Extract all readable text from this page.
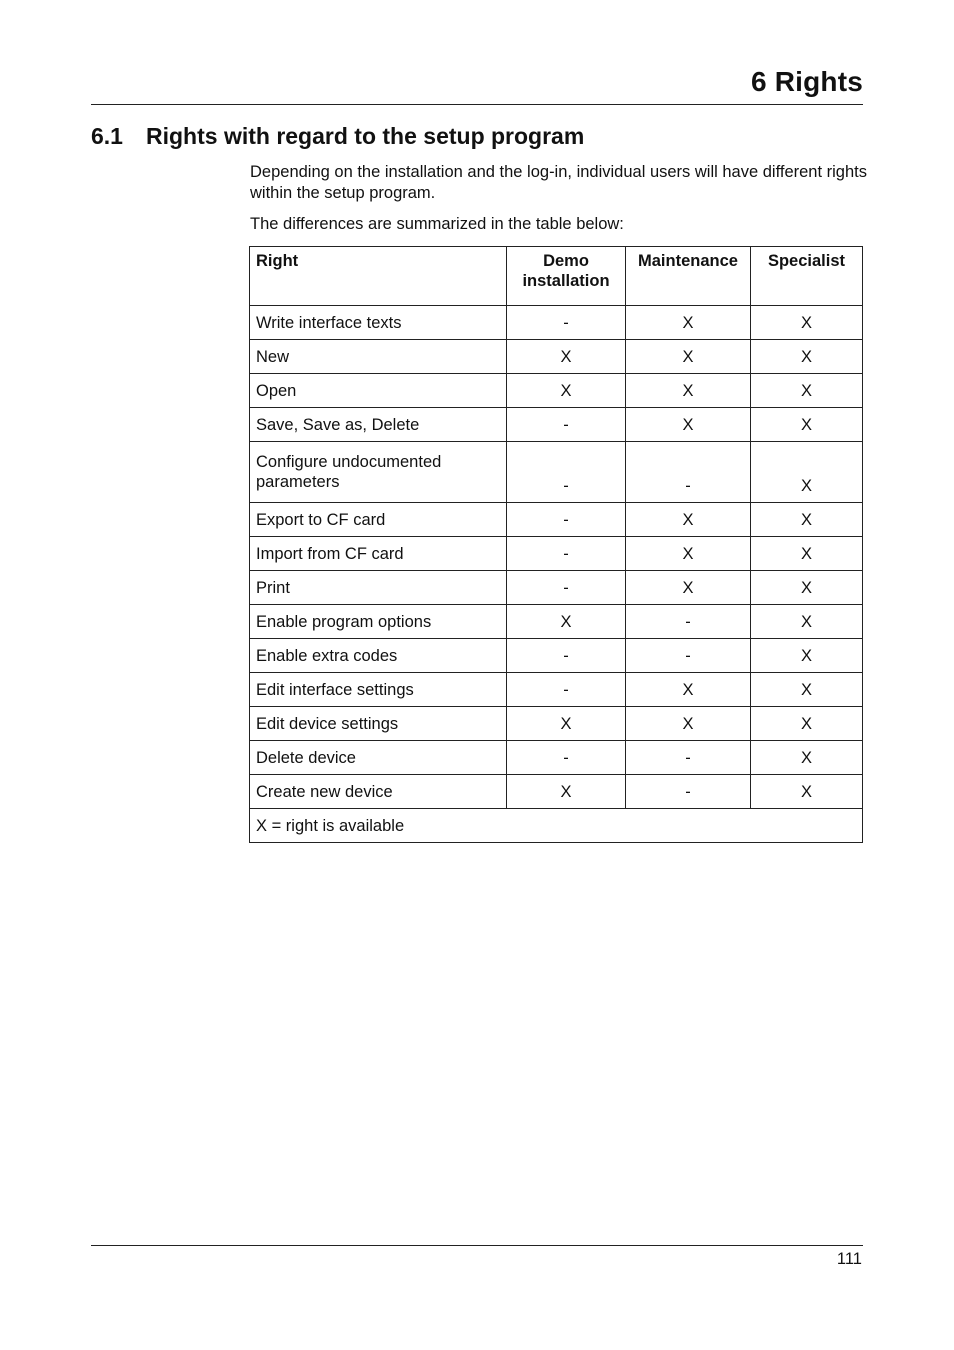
6 Rights
6.1 Rights with regard to the setup program
Depending on the installation and the log-in, individual users will have different rights within the setup program.
The differences are summarized in the table below:
Right	Demo installation	Maintenance	Specialist
Write interface texts	-	X	X
New	X	X	X
Open	X	X	X
Save, Save as, Delete	-	X	X
Configure undocumented parameters	-	-	X
Export to CF card	-	X	X
Import from CF card	-	X	X
Print	-	X	X
Enable program options	X	-	X
Enable extra codes	-	-	X
Edit interface settings	-	X	X
Edit device settings	X	X	X
Delete device	-	-	X
Create new device	X	-	X
X = right is available			
111
